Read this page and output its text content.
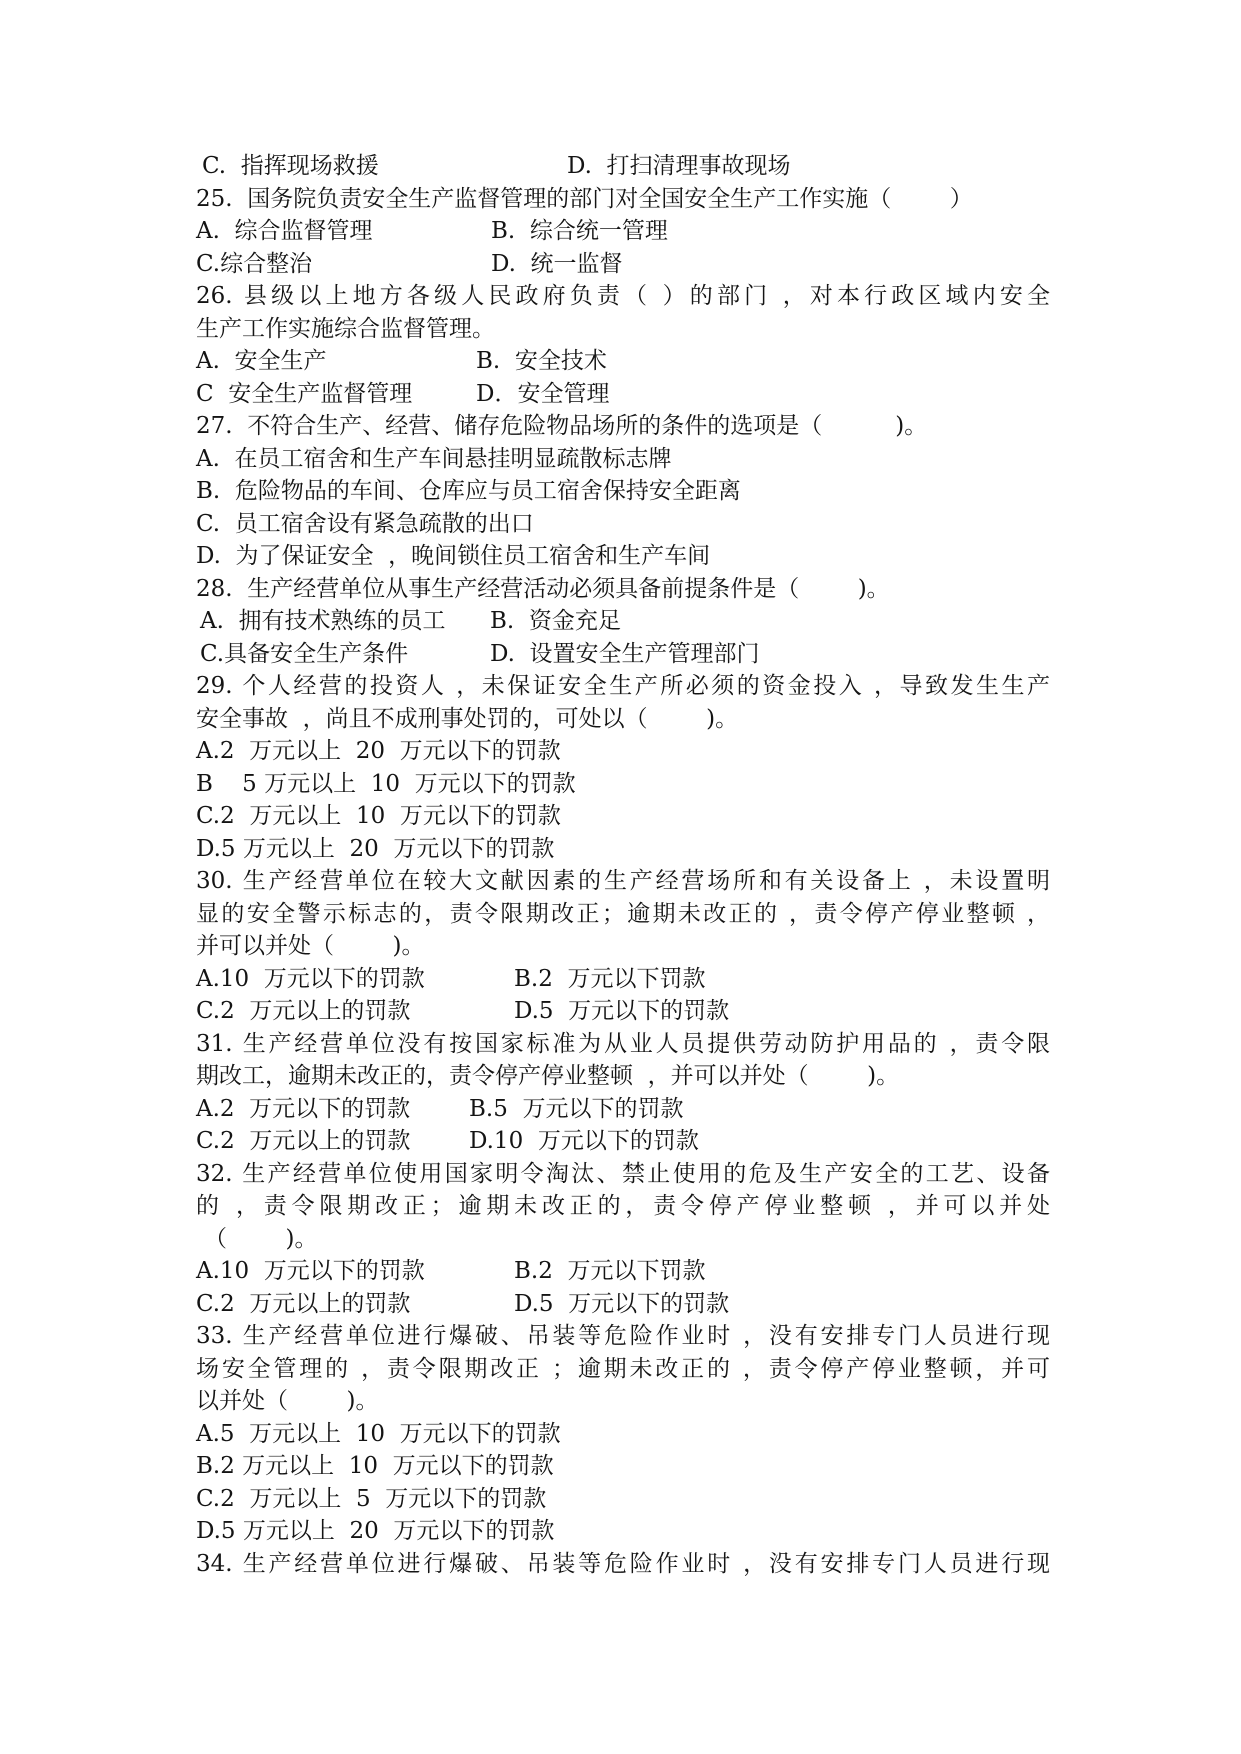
C.  指挥现场救援	D.  打扫清理事故现场
25.  国务院负责安全生产监督管理的部门对全国安全生产工作实施（        ）
A.  综合监督管理	B.  综合统一管理
C.综合整治	D.  统一监督
26. 县级以上地方各级人民政府负责（ ）的部门 ，对本行政区域内安全
生产工作实施综合监督管理。
A.  安全生产	B.  安全技术
C  安全生产监督管理	D．安全管理
27.  不符合生产、经营、储存危险物品场所的条件的选项是（          )。
A.  在员工宿舍和生产车间悬挂明显疏散标志牌
B.  危险物品的车间、仓库应与员工宿舍保持安全距离
C.  员工宿舍设有紧急疏散的出口
D.  为了保证安全  ，晚间锁住员工宿舍和生产车间
28.  生产经营单位从事生产经营活动必须具备前提条件是（        )。
A.  拥有技术熟练的员工	B.  资金充足
C.具备安全生产条件	D.  设置安全生产管理部门
29. 个人经营的投资人 ，未保证安全生产所必须的资金投入 ，导致发生生产
安全事故  ，尚且不成刑事处罚的，可处以（        )。
A.2  万元以上  20  万元以下的罚款
B    5 万元以上  10  万元以下的罚款
C.2  万元以上  10  万元以下的罚款
D.5 万元以上  20  万元以下的罚款
30. 生产经营单位在较大文献因素的生产经营场所和有关设备上 ，未设置明
显的安全警示标志的，责令限期改正；逾期未改正的 ，责令停产停业整顿 ，
并可以并处（        )。
A.10  万元以下的罚款	B.2  万元以下罚款
C.2  万元以上的罚款	D.5  万元以下的罚款
31. 生产经营单位没有按国家标准为从业人员提供劳动防护用品的 ，责令限
期改工，逾期未改正的，责令停产停业整顿  ，并可以并处（        )。
A.2  万元以下的罚款	B.5  万元以下的罚款
C.2  万元以上的罚款	D.10  万元以下的罚款
32. 生产经营单位使用国家明令淘汰、禁止使用的危及生产安全的工艺、设备
的 ，责令限期改正；逾期未改正的，责令停产停业整顿 ，并可以并处
（        )。
A.10  万元以下的罚款	B.2  万元以下罚款
C.2  万元以上的罚款	D.5  万元以下的罚款
33. 生产经营单位进行爆破、吊装等危险作业时 ，没有安排专门人员进行现
场安全管理的 ，责令限期改正 ；逾期未改正的 ，责令停产停业整顿，并可
以并处（        )。
A.5  万元以上  10  万元以下的罚款
B.2 万元以上  10  万元以下的罚款
C.2  万元以上  5  万元以下的罚款
D.5 万元以上  20  万元以下的罚款
34. 生产经营单位进行爆破、吊装等危险作业时 ，没有安排专门人员进行现
